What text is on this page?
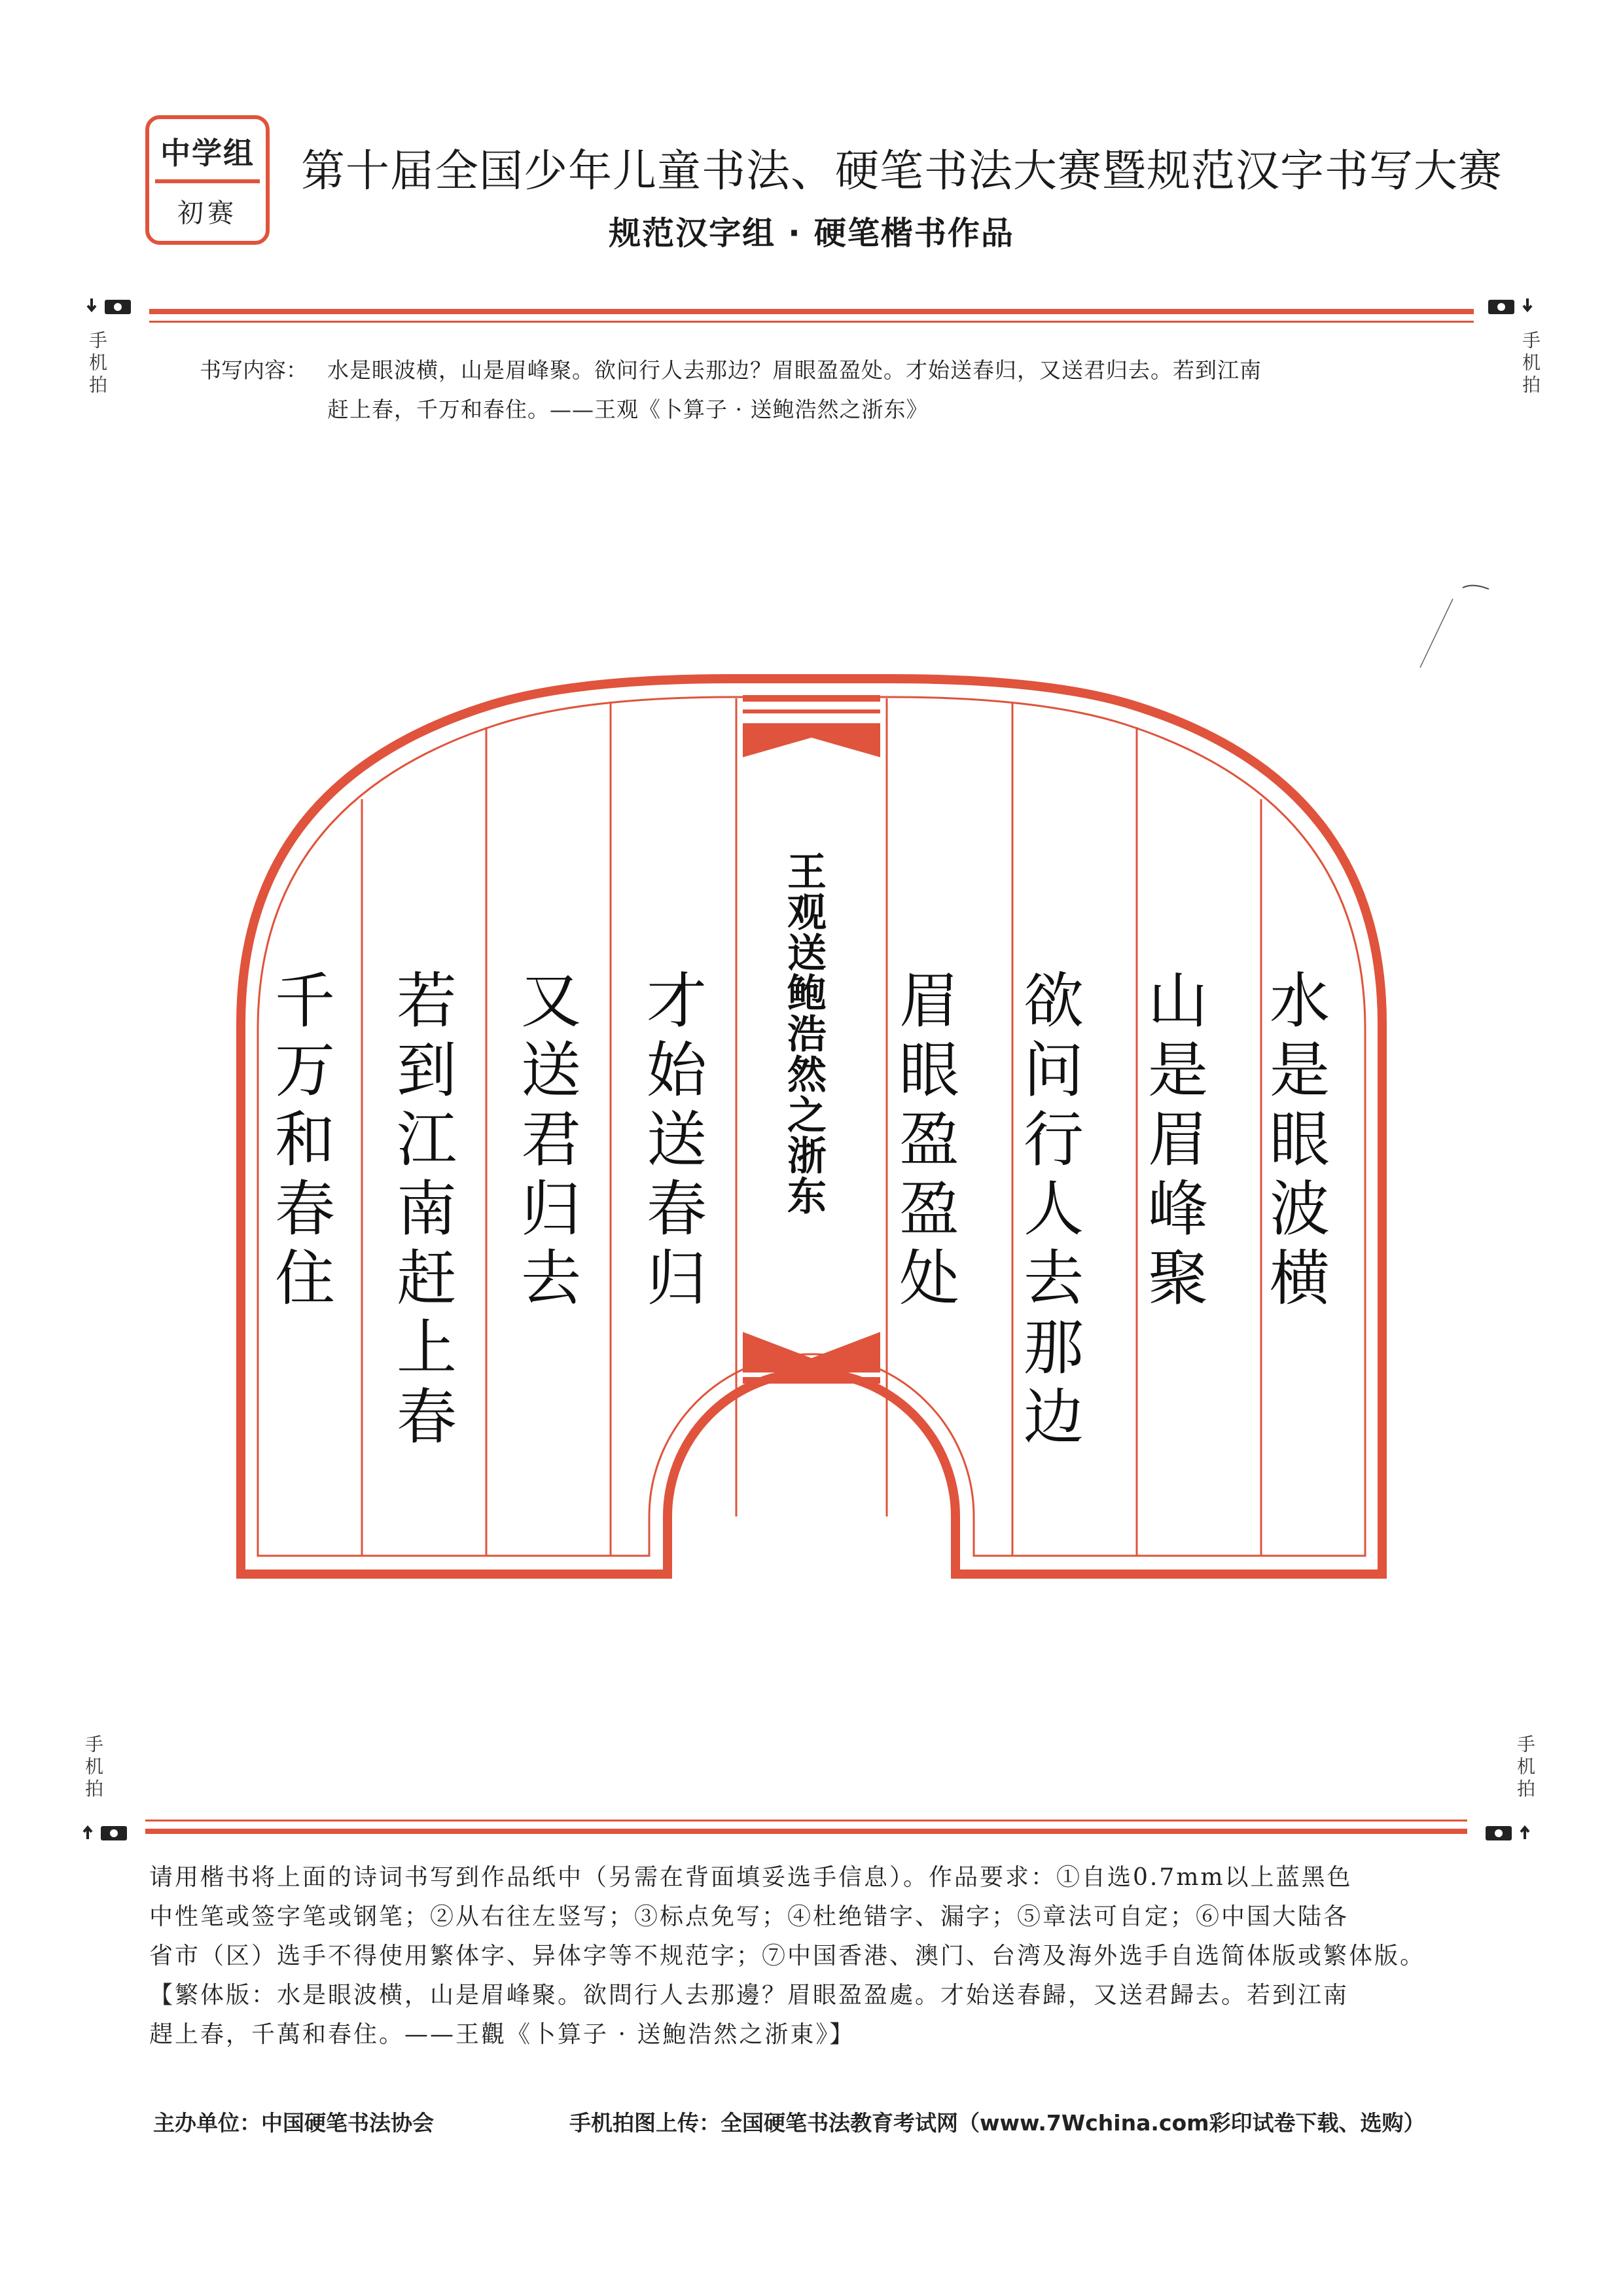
中学组
初赛
第十届全国少年儿童书法、硬笔书法大赛暨规范汉字书写大赛
规范汉字组 · 硬笔楷书作品
手机拍	手机拍
书写内容： 水是眼波横，山是眉峰聚。欲问行人去那边？眉眼盈盈处。才始送春归，又送君归去。若到江南
赶上春，千万和春住。——王观《卜算子 · 送鲍浩然之浙东》
水是眼波横
山是眉峰聚
欲问行人去那边
眉眼盈盈处
王观送鲍浩然之浙东
才始送春归
又送君归去
若到江南赶上春
千万和春住
手机拍	手机拍
请用楷书将上面的诗词书写到作品纸中（另需在背面填妥选手信息）。作品要求：①自选0.7mm以上蓝黑色
中性笔或签字笔或钢笔；②从右往左竖写；③标点免写；④杜绝错字、漏字；⑤章法可自定；⑥中国大陆各
省市（区）选手不得使用繁体字、异体字等不规范字；⑦中国香港、澳门、台湾及海外选手自选简体版或繁体版。
【繁体版：水是眼波横，山是眉峰聚。欲問行人去那邊？眉眼盈盈處。才始送春歸，又送君歸去。若到江南
趕上春，千萬和春住。——王觀《卜算子 · 送鮑浩然之浙東》】
主办单位：中国硬笔书法协会	手机拍图上传：全国硬笔书法教育考试网（www.7Wchina.com彩印试卷下载、选购）
